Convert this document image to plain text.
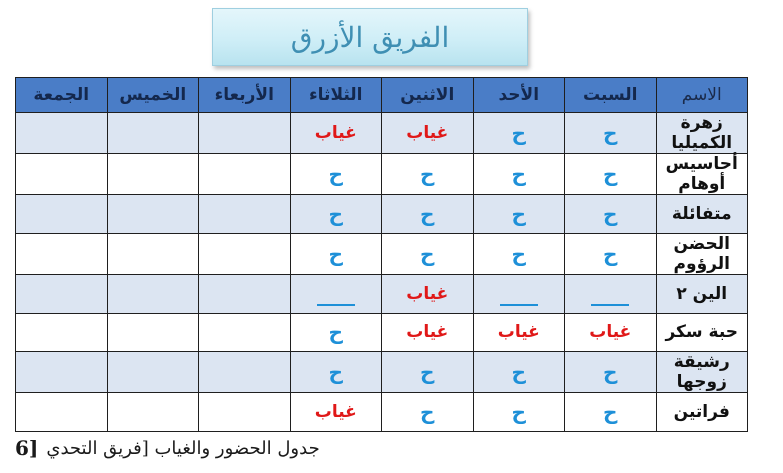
الفريق الأزرق
الاسم	السبت	الأحد	الاثنين	الثلاثاء	الأربعاء	الخميس	الجمعة
زهرة الكميليا	ح	ح	غياب	غياب			
أحاسيس أوهام	ح	ح	ح	ح			
متفائلة	ح	ح	ح	ح			
الحضن الرؤوم	ح	ح	ح	ح			
الين ٢			غياب				
حبة سكر	غياب	غياب	غياب	ح			
رشيقة زوجها	ح	ح	ح	ح			
فراتين	ح	ح	ح	غياب			
6] جدول الحضور والغياب [فريق التحدي
